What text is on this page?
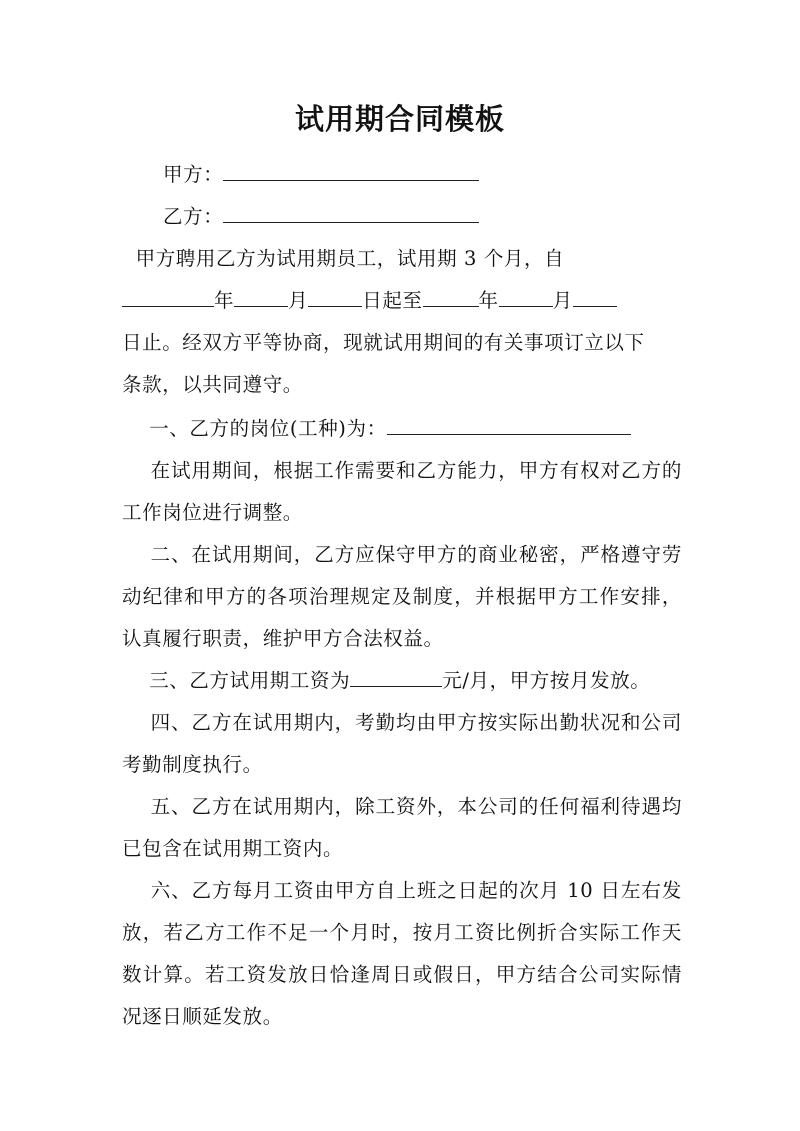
试用期合同模板
甲方：
乙方：
甲方聘用乙方为试用期员工，试用期 3 个月，自
年	月	日起至	年	月
日止。经双方平等协商，现就试用期间的有关事项订立以下
条款，以共同遵守。
一、乙方的岗位(工种)为：
在试用期间，根据工作需要和乙方能力，甲方有权对乙方的工作岗位进行调整。
二、在试用期间，乙方应保守甲方的商业秘密，严格遵守劳动纪律和甲方的各项治理规定及制度，并根据甲方工作安排，认真履行职责，维护甲方合法权益。
三、乙方试用期工资为	元/月，甲方按月发放。
四、乙方在试用期内，考勤均由甲方按实际出勤状况和公司考勤制度执行。
五、乙方在试用期内，除工资外，本公司的任何福利待遇均已包含在试用期工资内。
六、乙方每月工资由甲方自上班之日起的次月 10 日左右发放，若乙方工作不足一个月时，按月工资比例折合实际工作天数计算。若工资发放日恰逢周日或假日，甲方结合公司实际情况逐日顺延发放。
